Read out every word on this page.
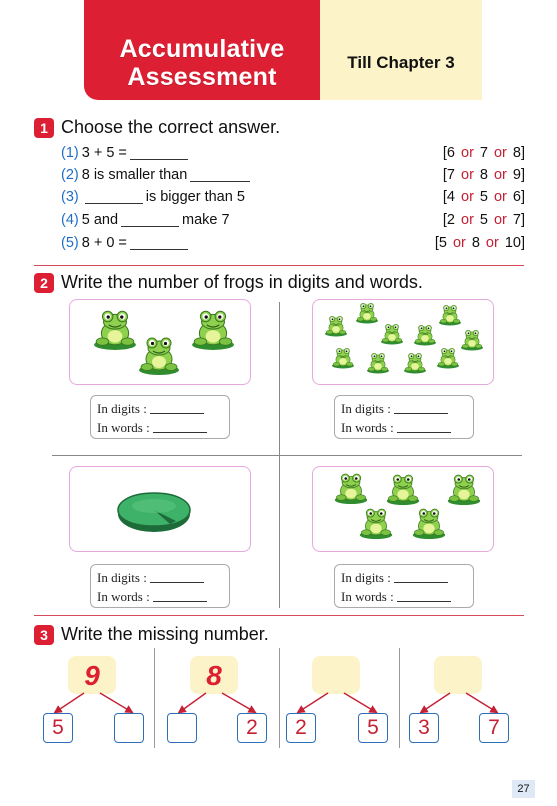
Accumulative
Assessment
Till Chapter 3
1 Choose the correct answer.
(1) 3 + 5 =	[ 6 or 7 or 8 ]
(2) 8 is smaller than	[ 7 or 8 or 9 ]
(3)	is bigger than 5	[ 4 or 5 or 6 ]
(4) 5 and	make 7	[ 2 or 5 or 7 ]
(5) 8 + 0 =	[ 5 or 8 or 10 ]
2 Write the number of frogs in digits and words.
In digits :
In words :
In digits :
In words :
In digits :
In words :
In digits :
In words :
3 Write the missing number.
9
5
8
2	2	5	3	7
27
